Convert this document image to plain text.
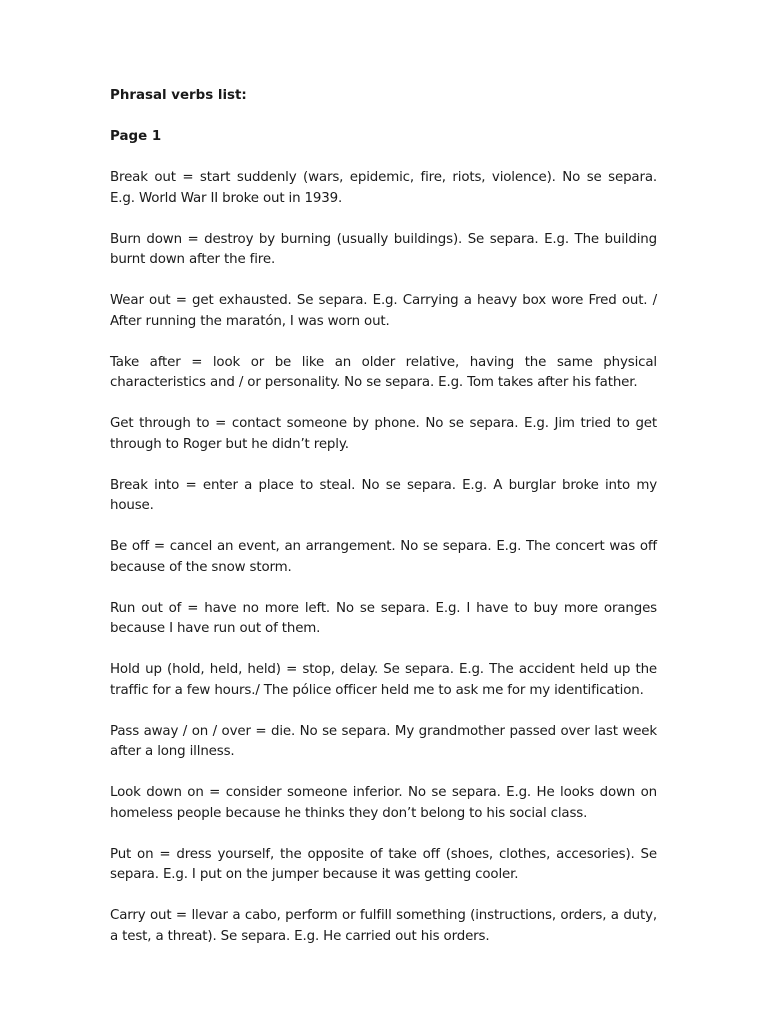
Phrasal verbs list:

Page 1

Break out = start suddenly (wars, epidemic, fire, riots, violence). No se separa. E.g. World War II broke out in 1939.

Burn down = destroy by burning (usually buildings). Se separa. E.g. The building burnt down after the fire.

Wear out = get exhausted. Se separa. E.g. Carrying a heavy box wore Fred out. / After running the maratón, I was worn out.

Take after = look or be like an older relative, having the same physical characteristics and / or personality. No se separa. E.g. Tom takes after his father.

Get through to = contact someone by phone. No se separa. E.g. Jim tried to get through to Roger but he didn’t reply.

Break into = enter a place to steal. No se separa. E.g. A burglar broke into my house.

Be off = cancel an event, an arrangement. No se separa. E.g. The concert was off because of the snow storm.

Run out of = have no more left. No se separa. E.g. I have to buy more oranges because I have run out of them.

Hold up (hold, held, held) = stop, delay. Se separa. E.g. The accident held up the traffic for a few hours./ The pólice officer held me to ask me for my identification.

Pass away / on / over = die. No se separa. My grandmother passed over last week after a long illness.

Look down on = consider someone inferior. No se separa. E.g. He looks down on homeless people because he thinks they don’t belong to his social class.

Put on = dress yourself, the opposite of take off (shoes, clothes, accesories). Se separa. E.g. I put on the jumper because it was getting cooler.

Carry out = llevar a cabo, perform or fulfill something (instructions, orders, a duty, a test, a threat). Se separa. E.g. He carried out his orders.
